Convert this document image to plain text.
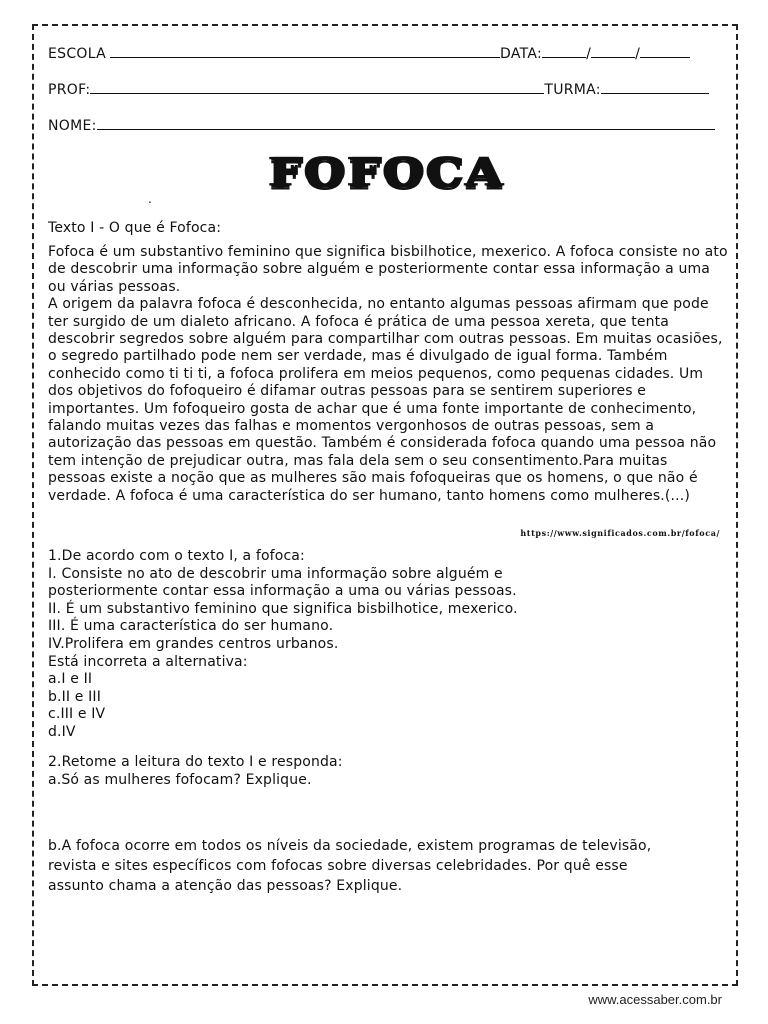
ESCOLA	DATA:	/	/
PROF:	TURMA:
NOME:
FOFOCA
.
Texto I - O que é Fofoca:

Fofoca é um substantivo feminino que significa bisbilhotice, mexerico. A fofoca consiste no ato de descobrir uma informação sobre alguém e posteriormente contar essa informação a uma ou várias pessoas.

A origem da palavra fofoca é desconhecida, no entanto algumas pessoas afirmam que pode ter surgido de um dialeto africano. A fofoca é prática de uma pessoa xereta, que tenta descobrir segredos sobre alguém para compartilhar com outras pessoas. Em muitas ocasiões, o segredo partilhado pode nem ser verdade, mas é divulgado de igual forma. Também conhecido como ti ti ti, a fofoca prolifera em meios pequenos, como pequenas cidades. Um dos objetivos do fofoqueiro é difamar outras pessoas para se sentirem superiores e importantes. Um fofoqueiro gosta de achar que é uma fonte importante de conhecimento, falando muitas vezes das falhas e momentos vergonhosos de outras pessoas, sem a autorização das pessoas em questão. Também é considerada fofoca quando uma pessoa não tem intenção de prejudicar outra, mas fala dela sem o seu consentimento.Para muitas pessoas existe a noção que as mulheres são mais fofoqueiras que os homens, o que não é verdade. A fofoca é uma característica do ser humano, tanto homens como mulheres.(...)

https://www.significados.com.br/fofoca/
1.De acordo com o texto I, a fofoca:
I. Consiste no ato de descobrir uma informação sobre alguém e
posteriormente contar essa informação a uma ou várias pessoas.
II. É um substantivo feminino que significa bisbilhotice, mexerico.
III. É uma característica do ser humano.
IV.Prolifera em grandes centros urbanos.
Está incorreta a alternativa:
a.I e II
b.II e III
c.III e IV
d.IV
2.Retome a leitura do texto I e responda:
a.Só as mulheres fofocam? Explique.
b.A fofoca ocorre em todos os níveis da sociedade, existem programas de televisão,
revista e sites específicos com fofocas sobre diversas celebridades. Por quê esse
assunto chama a atenção das pessoas? Explique.
www.acessaber.com.br
